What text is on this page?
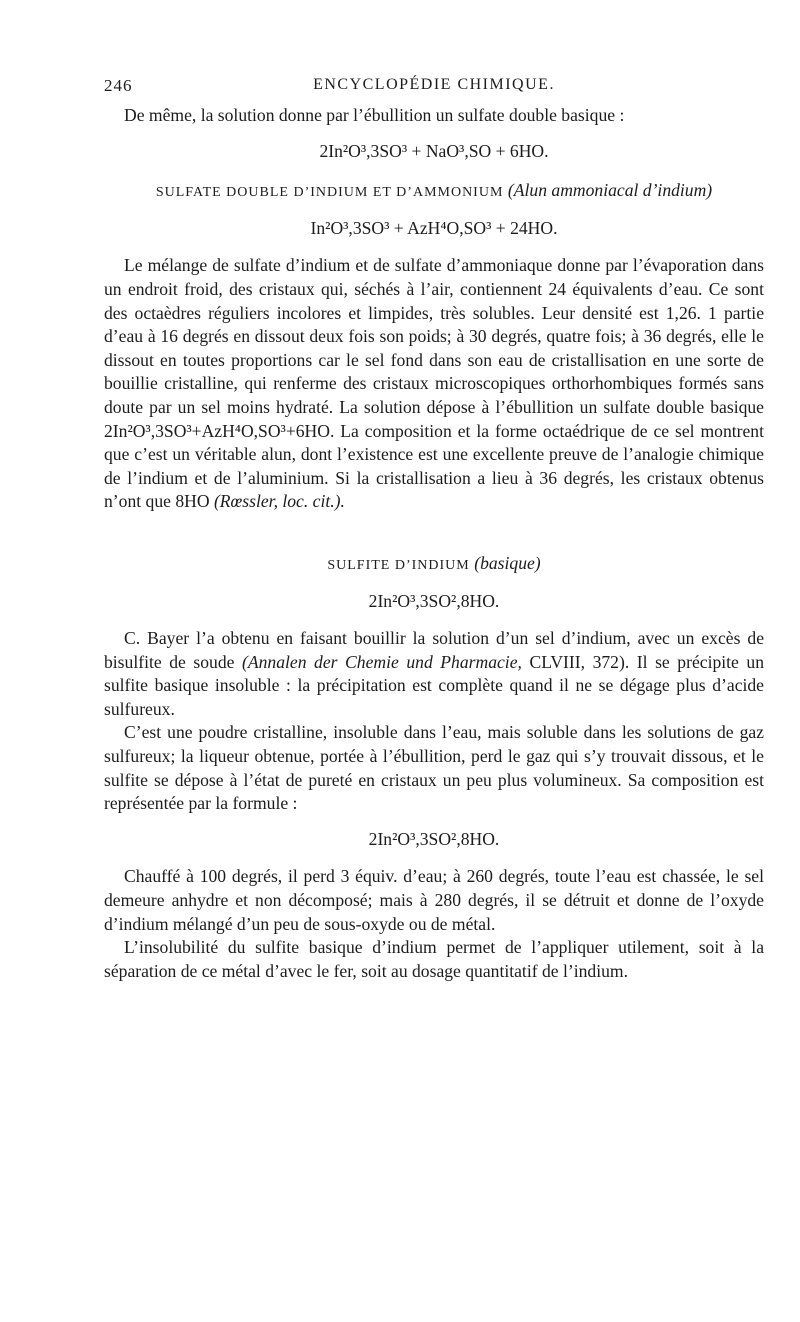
246	ENCYCLOPÉDIE CHIMIQUE.

De même, la solution donne par l’ébullition un sulfate double basique :

2In²O³,3SO³ + NaO³,SO + 6HO.
SULFATE DOUBLE D’INDIUM ET D’AMMONIUM (Alun ammoniacal d’indium)
In²O³,3SO³ + AzH⁴O,SO³ + 24HO.

Le mélange de sulfate d’indium et de sulfate d’ammoniaque donne par l’évaporation dans un endroit froid, des cristaux qui, séchés à l’air, contiennent 24 équivalents d’eau. Ce sont des octaèdres réguliers incolores et limpides, très solubles. Leur densité est 1,26. 1 partie d’eau à 16 degrés en dissout deux fois son poids; à 30 degrés, quatre fois; à 36 degrés, elle le dissout en toutes proportions car le sel fond dans son eau de cristallisation en une sorte de bouillie cristalline, qui renferme des cristaux microscopiques orthorhombiques formés sans doute par un sel moins hydraté. La solution dépose à l’ébullition un sulfate double basique 2In²O³,3SO³+AzH⁴O,SO³+6HO. La composition et la forme octaédrique de ce sel montrent que c’est un véritable alun, dont l’existence est une excellente preuve de l’analogie chimique de l’indium et de l’aluminium. Si la cristallisation a lieu à 36 degrés, les cristaux obtenus n’ont que 8HO (Rœssler, loc. cit.).

SULFITE D’INDIUM (basique)
2In²O³,3SO²,8HO.

C. Bayer l’a obtenu en faisant bouillir la solution d’un sel d’indium, avec un excès de bisulfite de soude (Annalen der Chemie und Pharmacie, CLVIII, 372). Il se précipite un sulfite basique insoluble : la précipitation est complète quand il ne se dégage plus d’acide sulfureux.

C’est une poudre cristalline, insoluble dans l’eau, mais soluble dans les solutions de gaz sulfureux; la liqueur obtenue, portée à l’ébullition, perd le gaz qui s’y trouvait dissous, et le sulfite se dépose à l’état de pureté en cristaux un peu plus volumineux. Sa composition est représentée par la formule :

2In²O³,3SO²,8HO.

Chauffé à 100 degrés, il perd 3 équiv. d’eau; à 260 degrés, toute l’eau est chassée, le sel demeure anhydre et non décomposé; mais à 280 degrés, il se détruit et donne de l’oxyde d’indium mélangé d’un peu de sous-oxyde ou de métal.

L’insolubilité du sulfite basique d’indium permet de l’appliquer utilement, soit à la séparation de ce métal d’avec le fer, soit au dosage quantitatif de l’indium.
